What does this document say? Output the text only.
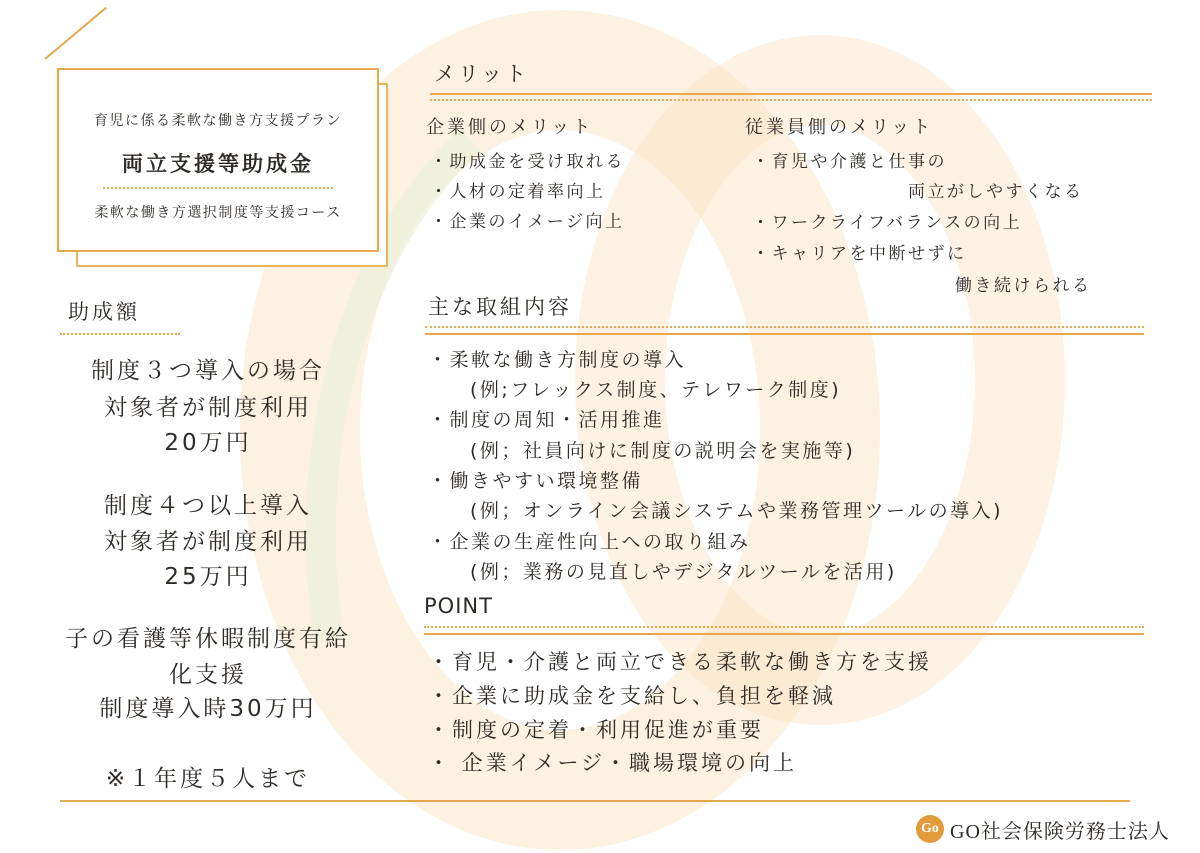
育児に係る柔軟な働き方支援プラン
両立支援等助成金
柔軟な働き方選択制度等支援コース
助成額
制度３つ導入の場合
対象者が制度利用
20万円
制度４つ以上導入
対象者が制度利用
25万円
子の看護等休暇制度有給
化支援
制度導入時30万円
※１年度５人まで
メリット
企業側のメリット
・助成金を受け取れる
・人材の定着率向上
・企業のイメージ向上
従業員側のメリット
・育児や介護と仕事の
両立がしやすくなる
・ワークライフバランスの向上
・キャリアを中断せずに
働き続けられる
主な取組内容
・柔軟な働き方制度の導入
(例;フレックス制度、テレワーク制度)
・制度の周知・活用推進
(例；社員向けに制度の説明会を実施等)
・働きやすい環境整備
(例；オンライン会議システムや業務管理ツールの導入)
・企業の生産性向上への取り組み
(例；業務の見直しやデジタルツールを活用)
POINT
・育児・介護と両立できる柔軟な働き方を支援
・企業に助成金を支給し、負担を軽減
・制度の定着・利用促進が重要
・ 企業イメージ・職場環境の向上
Go GO社会保険労務士法人
